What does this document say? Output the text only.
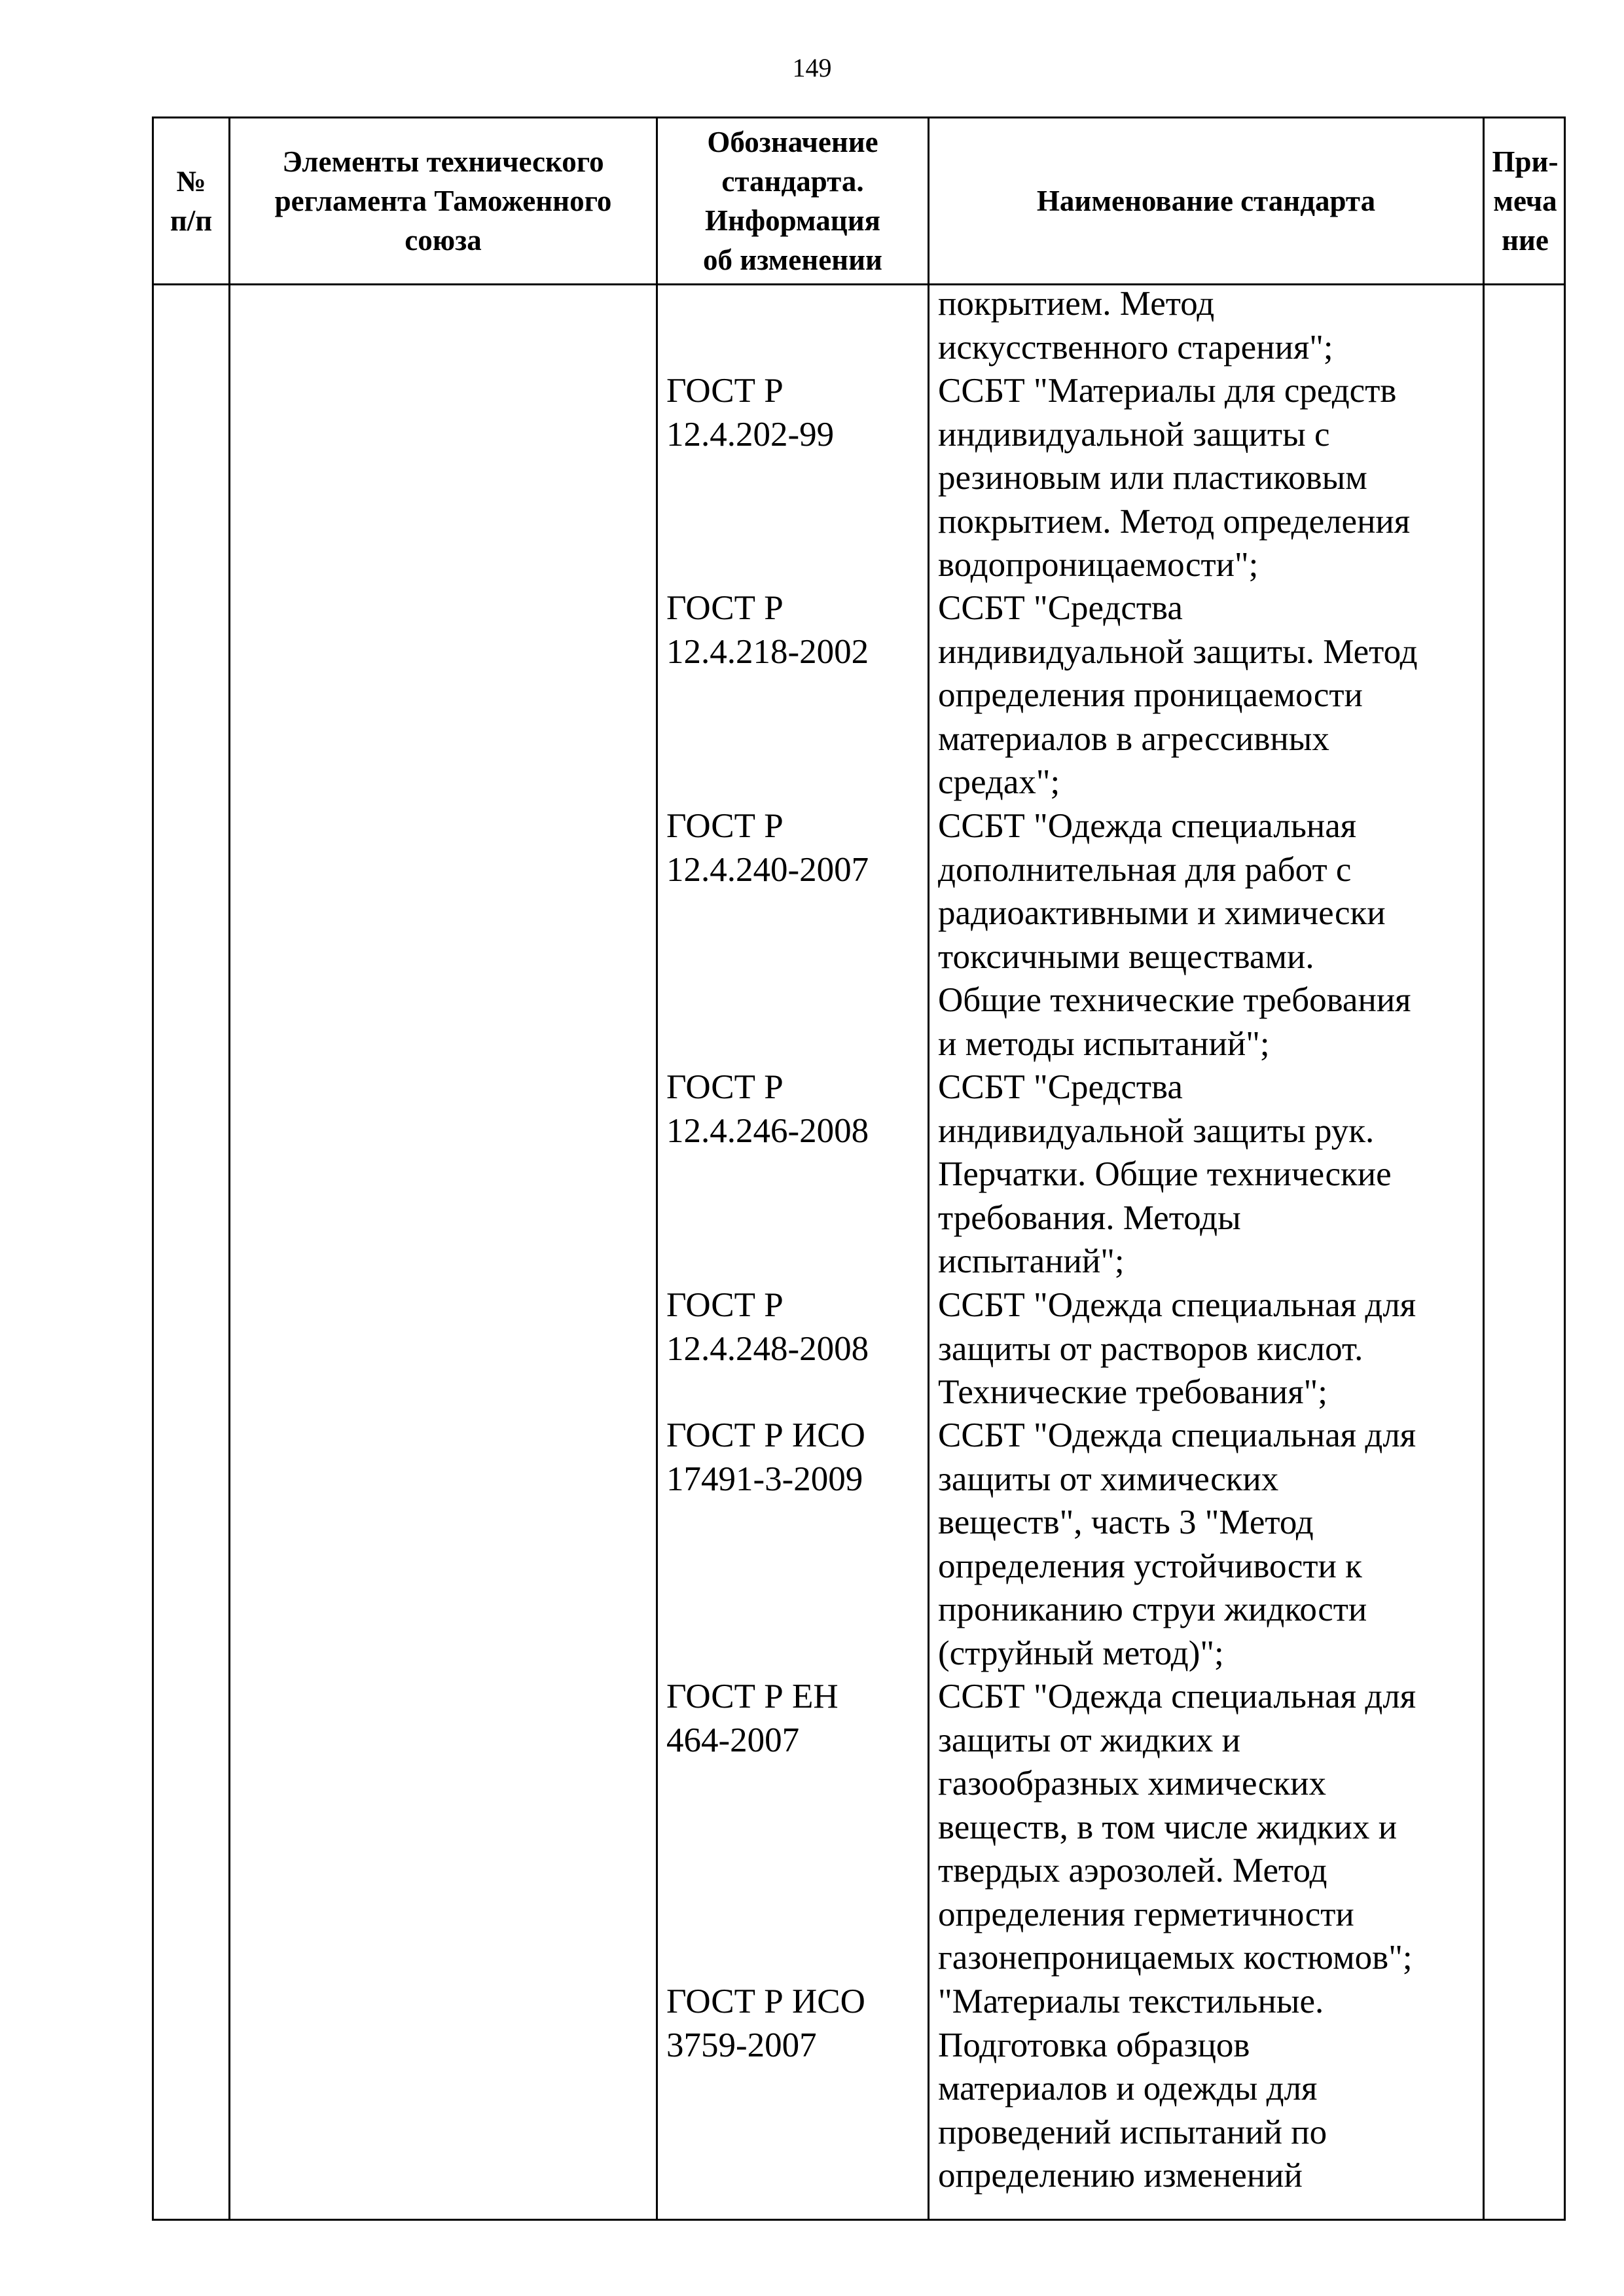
149
№
п/п
Элементы технического
регламента Таможенного
союза
Обозначение
стандарта.
Информация
об изменении
Наименование стандарта
При-
меча
ние
ГОСТ Р
12.4.202-99
ГОСТ Р
12.4.218-2002
ГОСТ Р
12.4.240-2007
ГОСТ Р
12.4.246-2008
ГОСТ Р
12.4.248-2008
ГОСТ Р ИСО
17491-3-2009
ГОСТ Р ЕН
464-2007
ГОСТ Р ИСО
3759-2007
покрытием. Метод
искусственного старения";
ССБТ "Материалы для средств
индивидуальной защиты с
резиновым или пластиковым
покрытием. Метод определения
водопроницаемости";
ССБТ "Средства
индивидуальной защиты. Метод
определения проницаемости
материалов в агрессивных
средах";
ССБТ "Одежда специальная
дополнительная для работ с
радиоактивными и химически
токсичными веществами.
Общие технические требования
и методы испытаний";
ССБТ "Средства
индивидуальной защиты рук.
Перчатки. Общие технические
требования. Методы
испытаний";
ССБТ "Одежда специальная для
защиты от растворов кислот.
Технические требования";
ССБТ "Одежда специальная для
защиты от химических
веществ", часть 3 "Метод
определения устойчивости к
прониканию струи жидкости
(струйный метод)";
ССБТ "Одежда специальная для
защиты от жидких и
газообразных химических
веществ, в том числе жидких и
твердых аэрозолей. Метод
определения герметичности
газонепроницаемых костюмов";
"Материалы текстильные.
Подготовка образцов
материалов и одежды для
проведений испытаний по
определению изменений
